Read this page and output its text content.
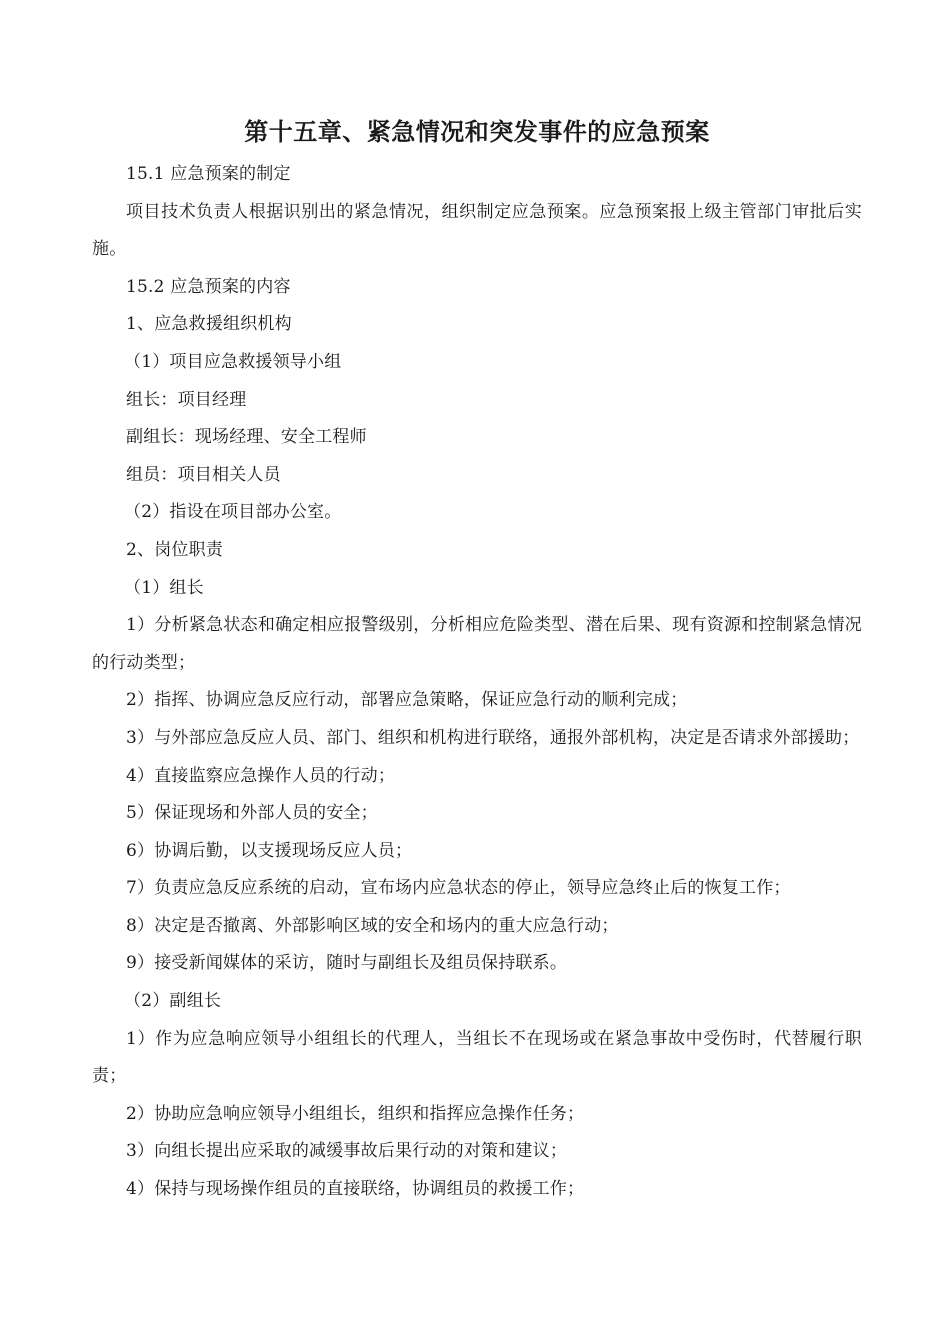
第十五章、紧急情况和突发事件的应急预案

15.1 应急预案的制定

项目技术负责人根据识别出的紧急情况，组织制定应急预案。应急预案报上级主管部门审批后实施。

15.2 应急预案的内容

1、应急救援组织机构

（1）项目应急救援领导小组

组长：项目经理

副组长：现场经理、安全工程师

组员：项目相关人员

（2）指设在项目部办公室。

2、岗位职责

（1）组长

1）分析紧急状态和确定相应报警级别，分析相应危险类型、潜在后果、现有资源和控制紧急情况的行动类型；

2）指挥、协调应急反应行动，部署应急策略，保证应急行动的顺利完成；

3）与外部应急反应人员、部门、组织和机构进行联络，通报外部机构，决定是否请求外部援助；

4）直接监察应急操作人员的行动；

5）保证现场和外部人员的安全；

6）协调后勤，以支援现场反应人员；

7）负责应急反应系统的启动，宣布场内应急状态的停止，领导应急终止后的恢复工作；

8）决定是否撤离、外部影响区域的安全和场内的重大应急行动；

9）接受新闻媒体的采访，随时与副组长及组员保持联系。

（2）副组长

1）作为应急响应领导小组组长的代理人，当组长不在现场或在紧急事故中受伤时，代替履行职责；

2）协助应急响应领导小组组长，组织和指挥应急操作任务；

3）向组长提出应采取的减缓事故后果行动的对策和建议；

4）保持与现场操作组员的直接联络，协调组员的救援工作；
